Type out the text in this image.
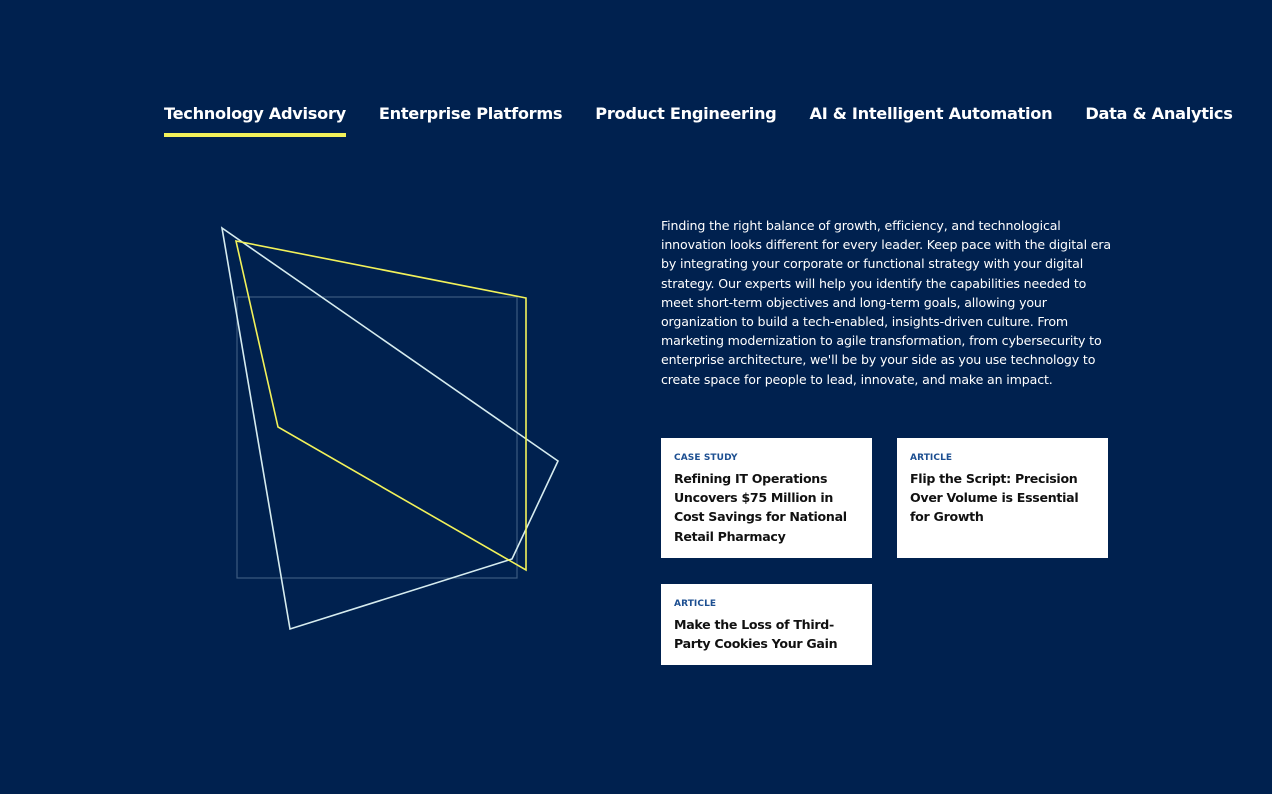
Technology Advisory Enterprise Platforms Product Engineering AI & Intelligent Automation Data & Analytics

Finding the right balance of growth, efficiency, and technological innovation looks different for every leader. Keep pace with the digital era by integrating your corporate or functional strategy with your digital strategy. Our experts will help you identify the capabilities needed to meet short-term objectives and long-term goals, allowing your organization to build a tech-enabled, insights-driven culture. From marketing modernization to agile transformation, from cybersecurity to enterprise architecture, we'll be by your side as you use technology to create space for people to lead, innovate, and make an impact.

CASE STUDY
Refining IT Operations Uncovers $75 Million in Cost Savings for National Retail Pharmacy
ARTICLE
Flip the Script: Precision Over Volume is Essential for Growth
ARTICLE
Make the Loss of Third-Party Cookies Your Gain
